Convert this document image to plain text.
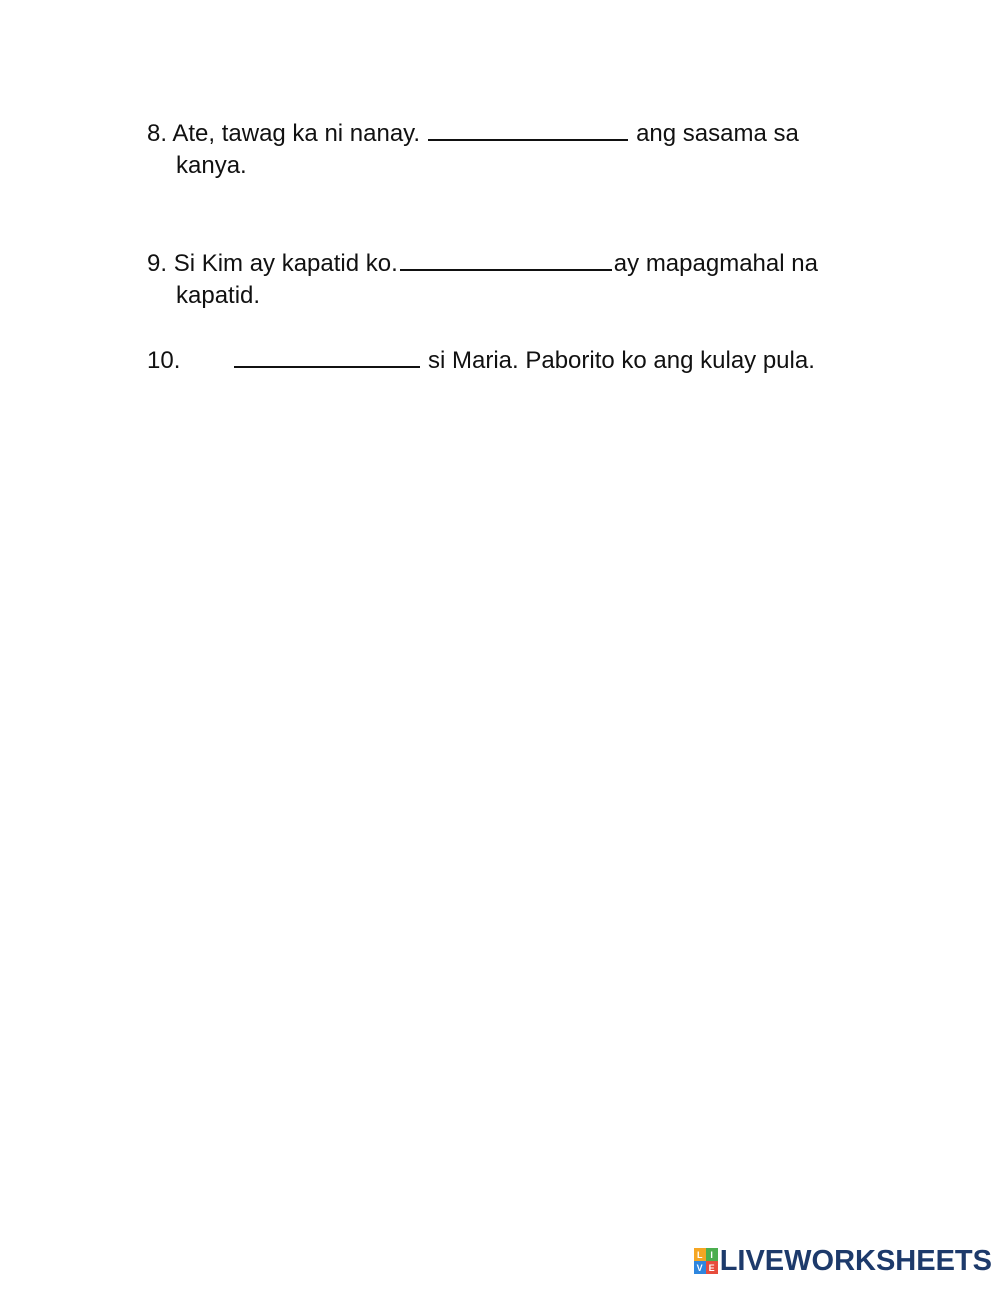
8. Ate, tawag ka ni nanay.	ang sasama sa
kanya.
9. Si Kim ay kapatid ko.	ay mapagmahal na
kapatid.
10.	si Maria. Paborito ko ang kulay pula.
L I
V E LIVEWORKSHEETS
